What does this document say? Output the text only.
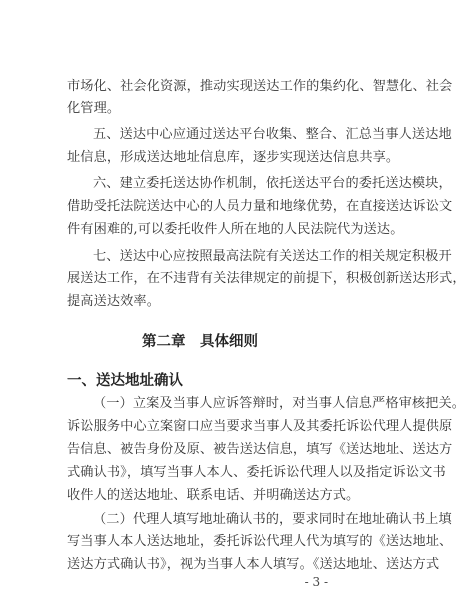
市场化、社会化资源，推动实现送达工作的集约化、智慧化、社会
化管理。
五、送达中心应通过送达平台收集、整合、汇总当事人送达地
址信息，形成送达地址信息库，逐步实现送达信息共享。
六、建立委托送达协作机制，依托送达平台的委托送达模块，
借助受托法院送达中心的人员力量和地缘优势，在直接送达诉讼文
件有困难的,可以委托收件人所在地的人民法院代为送达。
七、送达中心应按照最高法院有关送达工作的相关规定积极开
展送达工作，在不违背有关法律规定的前提下，积极创新送达形式，
提高送达效率。
第二章　具体细则
一、送达地址确认
（一）立案及当事人应诉答辩时，对当事人信息严格审核把关。
诉讼服务中心立案窗口应当要求当事人及其委托诉讼代理人提供原
告信息、被告身份及原、被告送达信息，填写《送达地址、送达方
式确认书》，填写当事人本人、委托诉讼代理人以及指定诉讼文书
收件人的送达地址、联系电话、并明确送达方式。
（二）代理人填写地址确认书的，要求同时在地址确认书上填
写当事人本人送达地址，委托诉讼代理人代为填写的《送达地址、
送达方式确认书》，视为当事人本人填写。《送达地址、送达方式
- 3 -
